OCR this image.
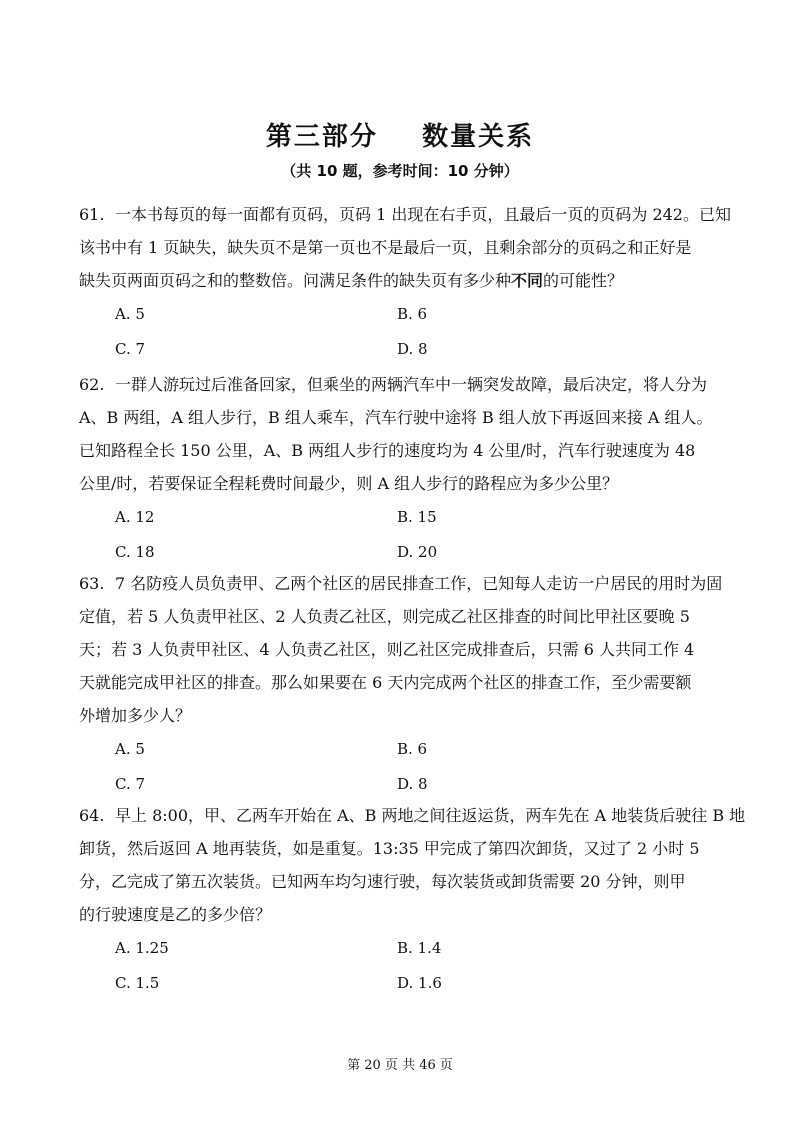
第三部分    数量关系
（共 10 题，参考时间：10 分钟）
61. 一本书每页的每一面都有页码，页码 1 出现在右手页，且最后一页的页码为 242。已知
该书中有 1 页缺失，缺失页不是第一页也不是最后一页，且剩余部分的页码之和正好是
缺失页两面页码之和的整数倍。问满足条件的缺失页有多少种不同的可能性？
A. 5	B. 6
C. 7	D. 8
62. 一群人游玩过后准备回家，但乘坐的两辆汽车中一辆突发故障，最后决定，将人分为
A、B 两组，A 组人步行，B 组人乘车，汽车行驶中途将 B 组人放下再返回来接 A 组人。
已知路程全长 150 公里，A、B 两组人步行的速度均为 4 公里/时，汽车行驶速度为 48
公里/时，若要保证全程耗费时间最少，则 A 组人步行的路程应为多少公里？
A. 12	B. 15
C. 18	D. 20
63. 7 名防疫人员负责甲、乙两个社区的居民排查工作，已知每人走访一户居民的用时为固
定值，若 5 人负责甲社区、2 人负责乙社区，则完成乙社区排查的时间比甲社区要晚 5
天；若 3 人负责甲社区、4 人负责乙社区，则乙社区完成排查后，只需 6 人共同工作 4
天就能完成甲社区的排查。那么如果要在 6 天内完成两个社区的排查工作，至少需要额
外增加多少人？
A. 5	B. 6
C. 7	D. 8
64. 早上 8:00，甲、乙两车开始在 A、B 两地之间往返运货，两车先在 A 地装货后驶往 B 地
卸货，然后返回 A 地再装货，如是重复。13:35 甲完成了第四次卸货，又过了 2 小时 5
分，乙完成了第五次装货。已知两车均匀速行驶，每次装货或卸货需要 20 分钟，则甲
的行驶速度是乙的多少倍？
A. 1.25	B. 1.4
C. 1.5	D. 1.6
第 20 页 共 46 页
